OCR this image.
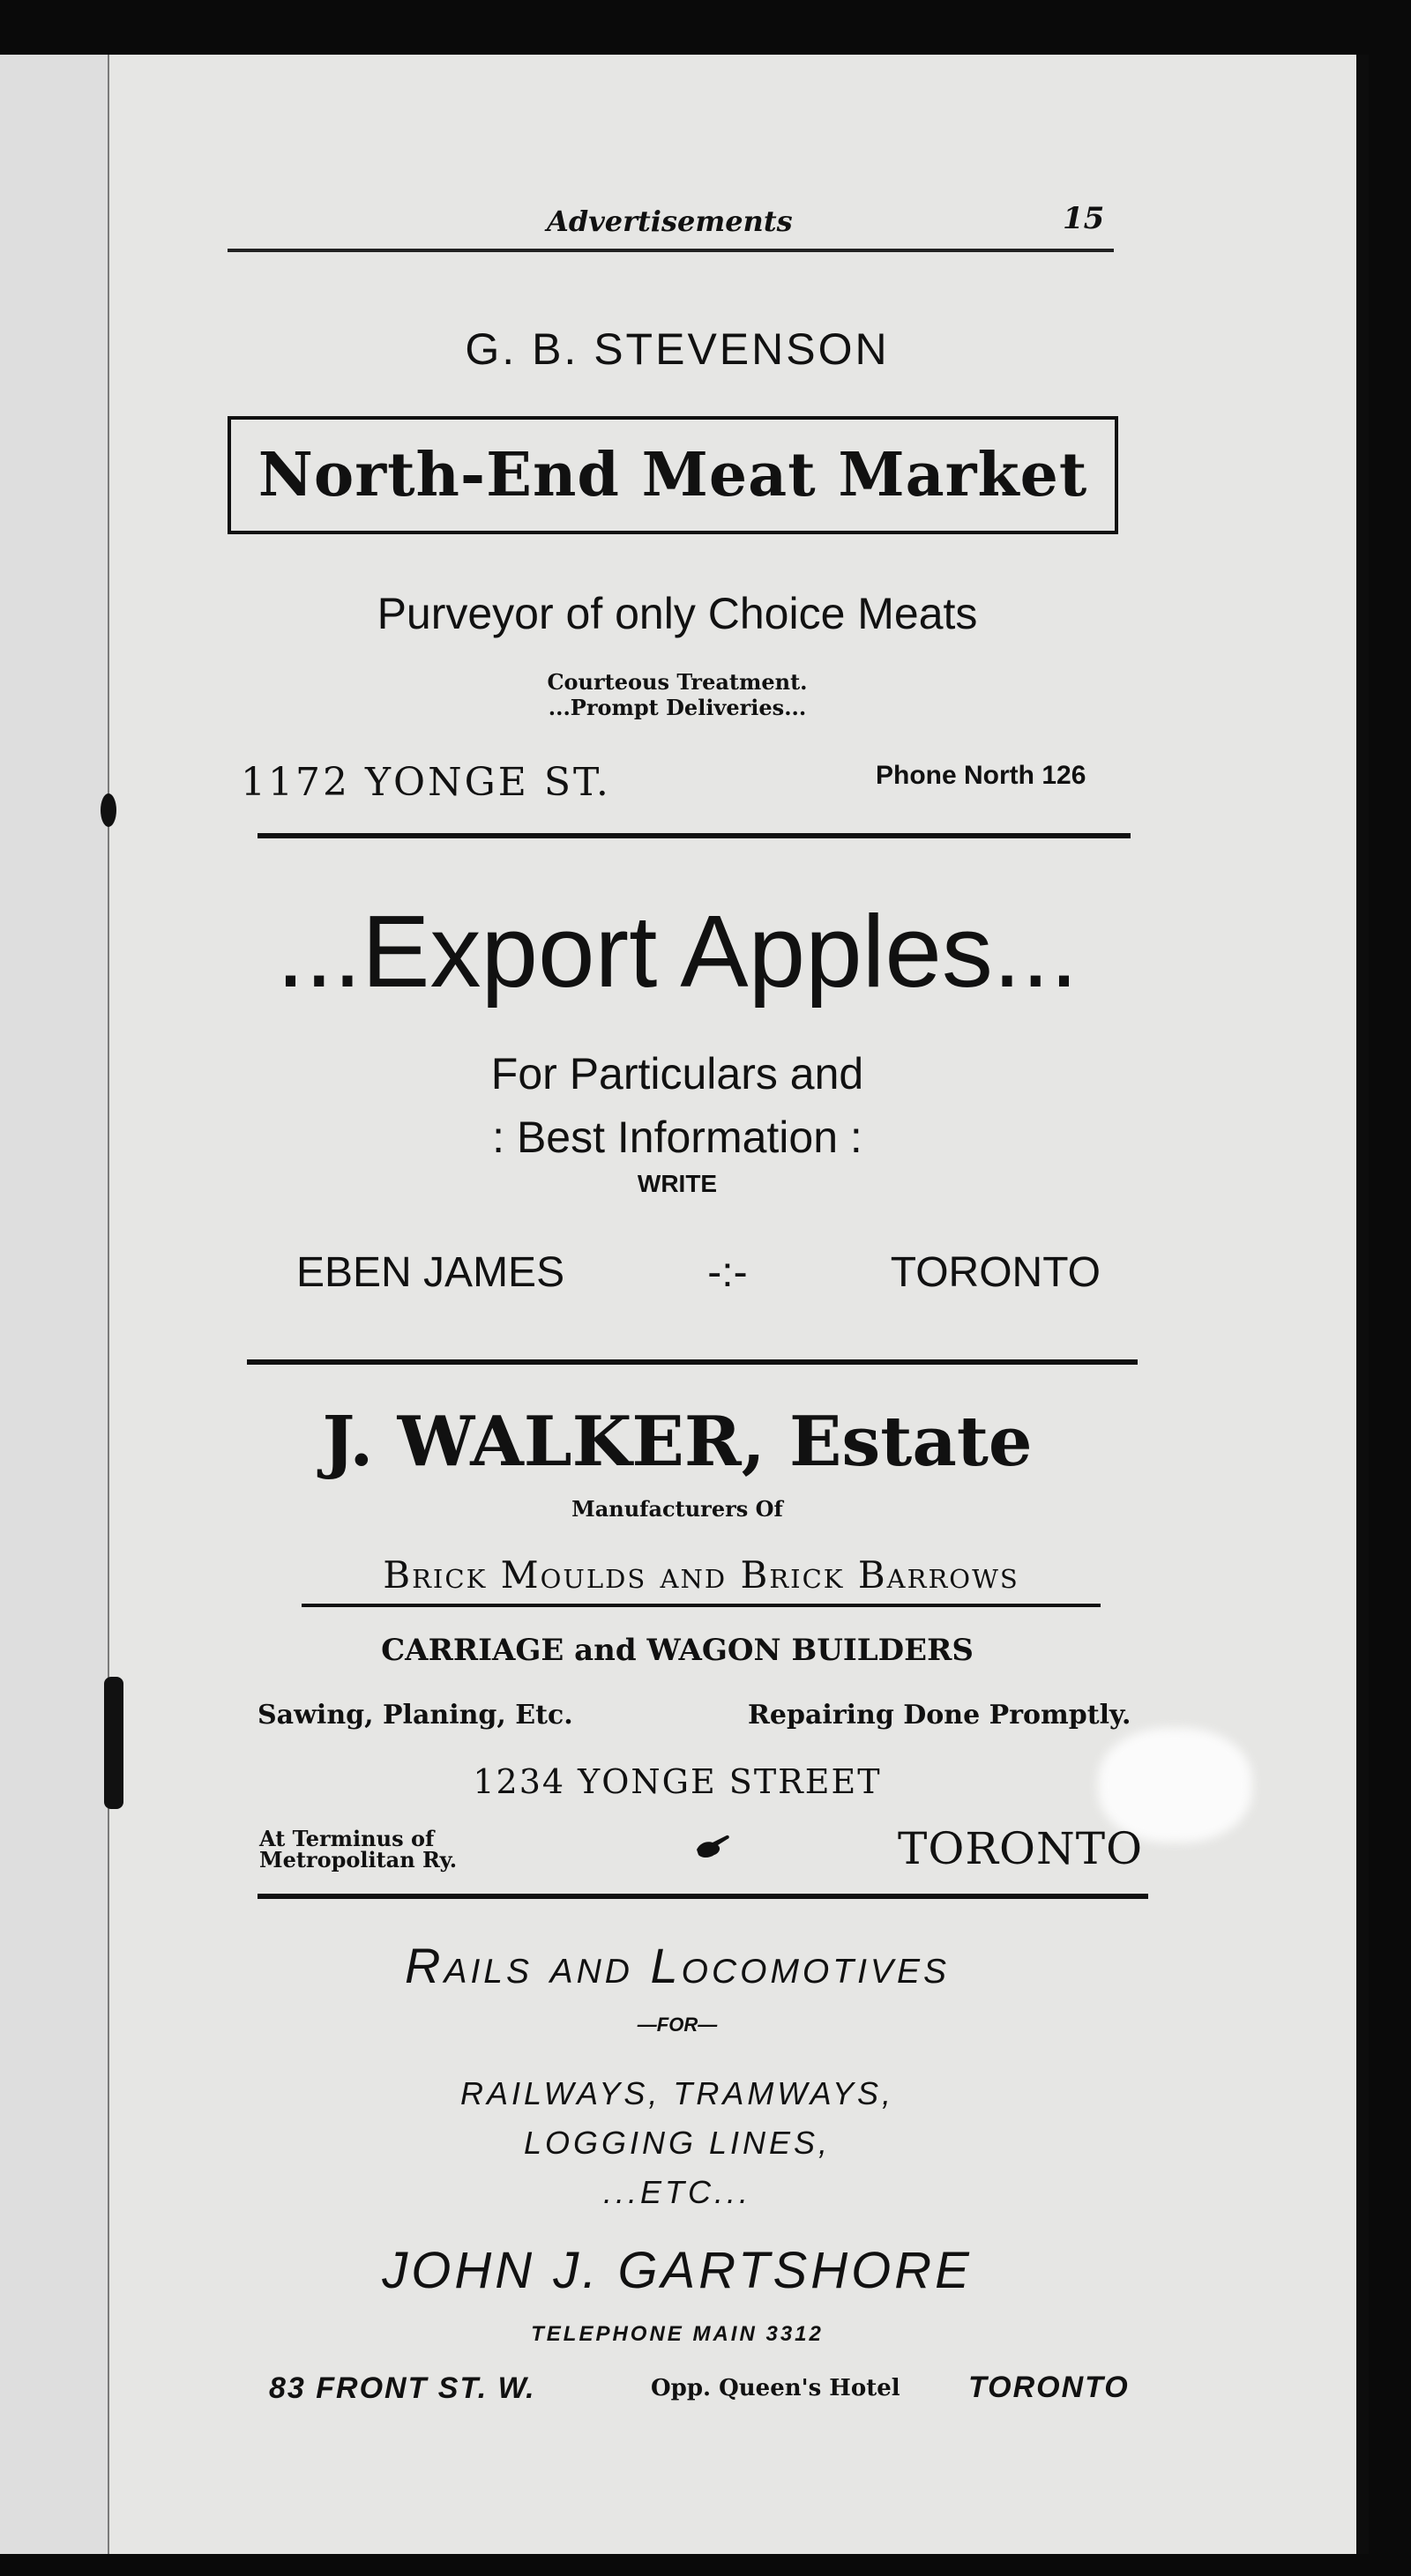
Advertisements	15
G. B. STEVENSON
North-End Meat Market
Purveyor of only Choice Meats
Courteous Treatment.
...Prompt Deliveries...
1172 YONGE ST.	Phone North 126
...Export Apples...
For Particulars and
: Best Information :
WRITE
EBEN JAMES	-:-	TORONTO
J. WALKER, Estate
Manufacturers Of
Brick Moulds and Brick Barrows
CARRIAGE and WAGON BUILDERS
Sawing, Planing, Etc.	Repairing Done Promptly.
1234 YONGE STREET
At Terminus of
Metropolitan Ry.	TORONTO
Rails and Locomotives
—FOR—
RAILWAYS, TRAMWAYS,
LOGGING LINES,
...ETC...
JOHN J. GARTSHORE
TELEPHONE MAIN 3312
83 FRONT ST. W.	Opp. Queen's Hotel TORONTO
